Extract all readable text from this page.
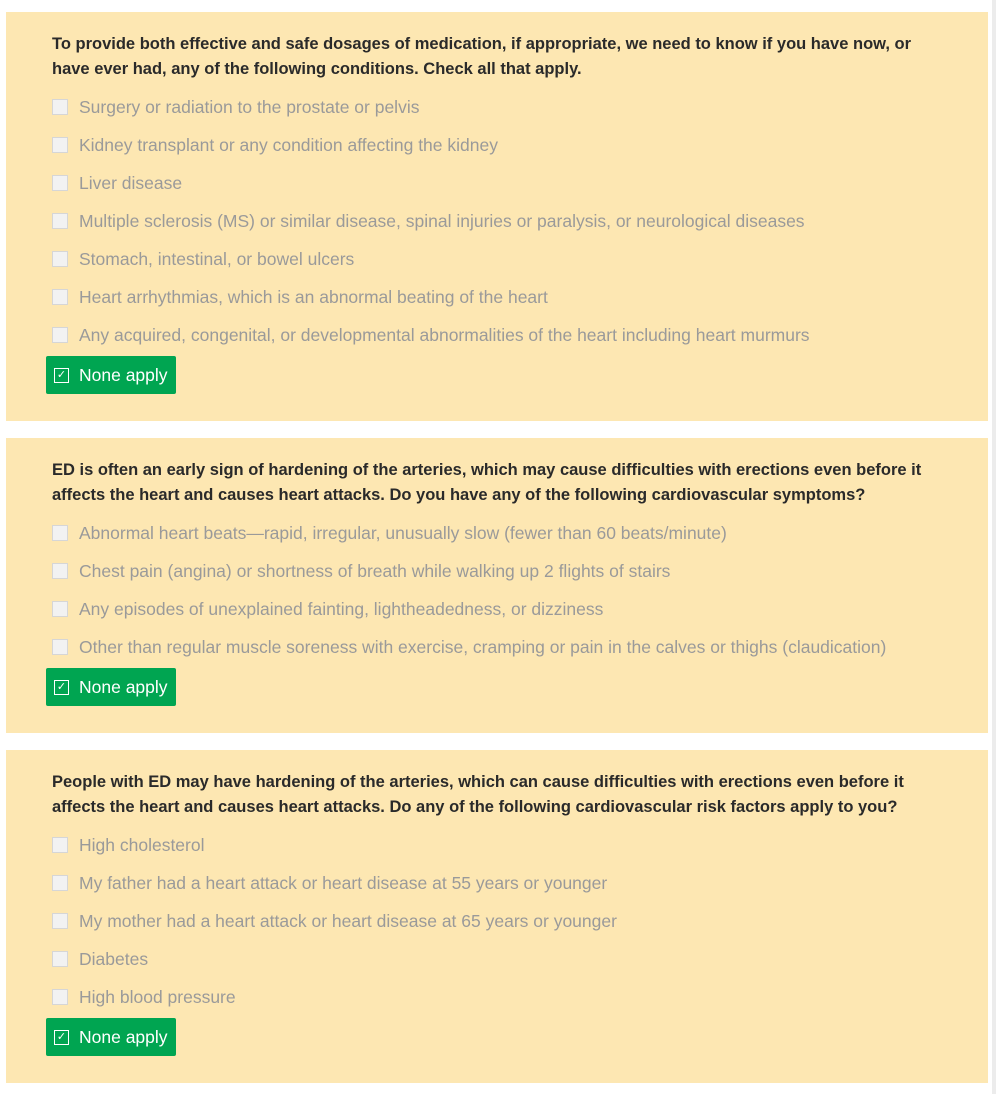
To provide both effective and safe dosages of medication, if appropriate, we need to know if you have now, or have ever had, any of the following conditions. Check all that apply.
Surgery or radiation to the prostate or pelvis
Kidney transplant or any condition affecting the kidney
Liver disease
Multiple sclerosis (MS) or similar disease, spinal injuries or paralysis, or neurological diseases
Stomach, intestinal, or bowel ulcers
Heart arrhythmias, which is an abnormal beating of the heart
Any acquired, congenital, or developmental abnormalities of the heart including heart murmurs
✓ None apply
ED is often an early sign of hardening of the arteries, which may cause difficulties with erections even before it affects the heart and causes heart attacks. Do you have any of the following cardiovascular symptoms?
Abnormal heart beats—rapid, irregular, unusually slow (fewer than 60 beats/minute)
Chest pain (angina) or shortness of breath while walking up 2 flights of stairs
Any episodes of unexplained fainting, lightheadedness, or dizziness
Other than regular muscle soreness with exercise, cramping or pain in the calves or thighs (claudication)
✓ None apply
People with ED may have hardening of the arteries, which can cause difficulties with erections even before it affects the heart and causes heart attacks. Do any of the following cardiovascular risk factors apply to you?
High cholesterol
My father had a heart attack or heart disease at 55 years or younger
My mother had a heart attack or heart disease at 65 years or younger
Diabetes
High blood pressure
✓ None apply
